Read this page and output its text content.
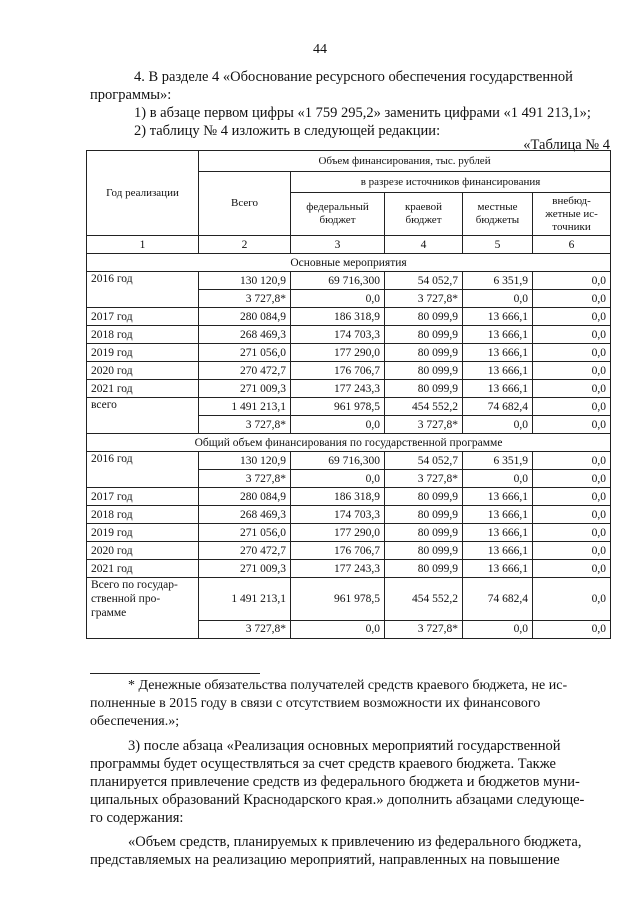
44
4. В разделе 4 «Обоснование ресурсного обеспечения государственной
программы»:
1) в абзаце первом цифры «1 759 295,2» заменить цифрами «1 491 213,1»;
2) таблицу № 4 изложить в следующей редакции:
«Таблица № 4
Год реализации	Объем финансирования, тыс. рублей				
	Всего	в разрезе источников финансирования			
		федеральный бюджет	краевой бюджет	местные бюджеты	внебюд-жетные ис-точники
1	2	3	4	5	6
Основные мероприятия					
2016 год	130 120,9	69 716,300	54 052,7	6 351,9	0,0
	3 727,8*	0,0	3 727,8*	0,0	0,0
2017 год	280 084,9	186 318,9	80 099,9	13 666,1	0,0
2018 год	268 469,3	174 703,3	80 099,9	13 666,1	0,0
2019 год	271 056,0	177 290,0	80 099,9	13 666,1	0,0
2020 год	270 472,7	176 706,7	80 099,9	13 666,1	0,0
2021 год	271 009,3	177 243,3	80 099,9	13 666,1	0,0
всего	1 491 213,1	961 978,5	454 552,2	74 682,4	0,0
	3 727,8*	0,0	3 727,8*	0,0	0,0
Общий объем финансирования по государственной программе					
2016 год	130 120,9	69 716,300	54 052,7	6 351,9	0,0
	3 727,8*	0,0	3 727,8*	0,0	0,0
2017 год	280 084,9	186 318,9	80 099,9	13 666,1	0,0
2018 год	268 469,3	174 703,3	80 099,9	13 666,1	0,0
2019 год	271 056,0	177 290,0	80 099,9	13 666,1	0,0
2020 год	270 472,7	176 706,7	80 099,9	13 666,1	0,0
2021 год	271 009,3	177 243,3	80 099,9	13 666,1	0,0
Всего по государ-ственной про-грамме	1 491 213,1	961 978,5	454 552,2	74 682,4	0,0
	3 727,8*	0,0	3 727,8*	0,0	0,0
* Денежные обязательства получателей средств краевого бюджета, не ис-
полненные в 2015 году в связи с отсутствием возможности их финансового
обеспечения.»;
3) после абзаца «Реализация основных мероприятий государственной
программы будет осуществляться за счет средств краевого бюджета. Также
планируется привлечение средств из федерального бюджета и бюджетов муни-
ципальных образований Краснодарского края.» дополнить абзацами следующе-
го содержания:
«Объем средств, планируемых к привлечению из федерального бюджета,
представляемых на реализацию мероприятий, направленных на повышение
